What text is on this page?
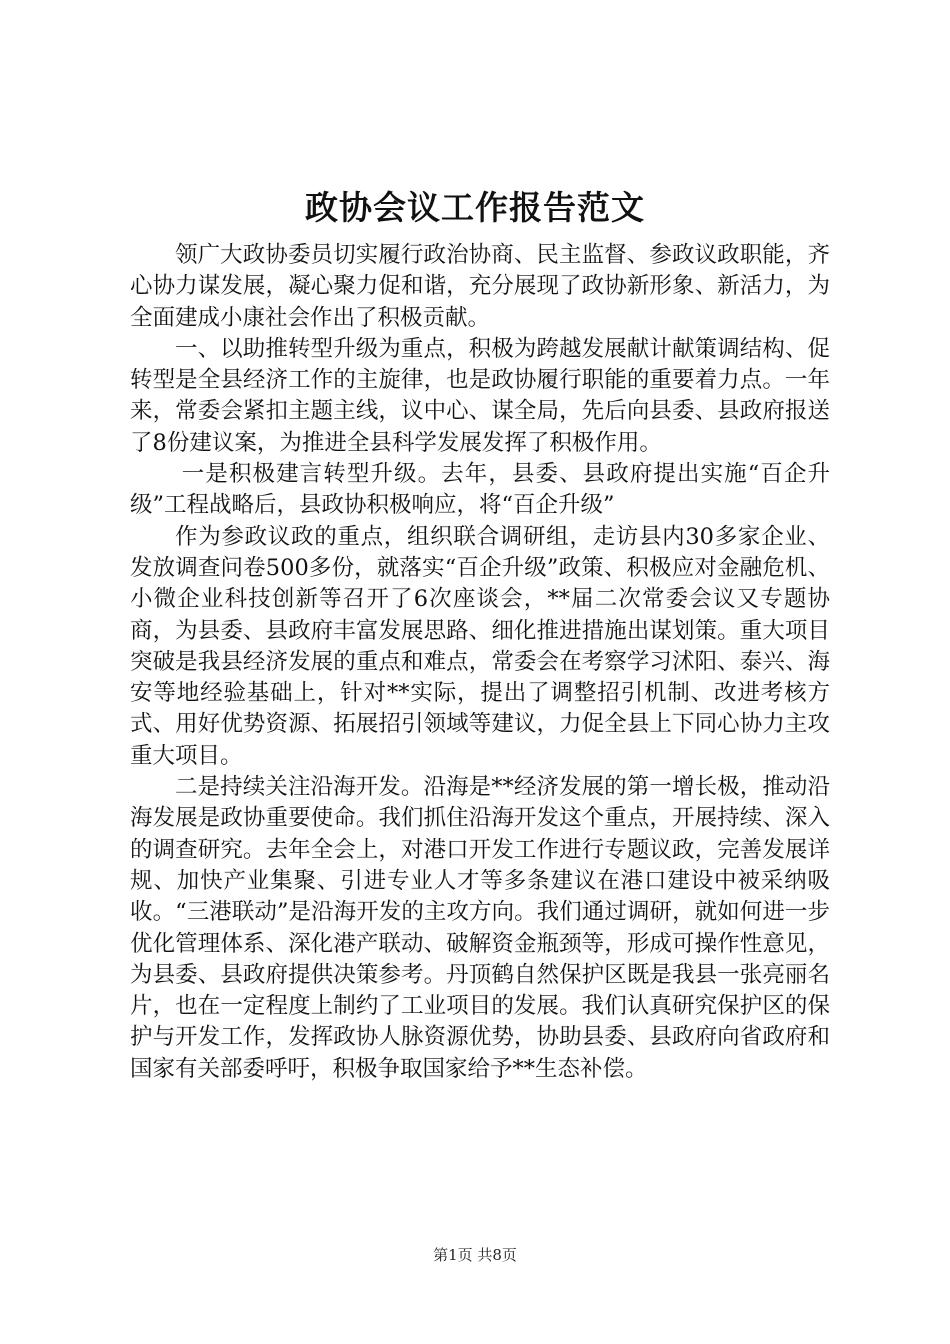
政协会议工作报告范文

领广大政协委员切实履行政治协商、民主监督、参政议政职能，齐心协力谋发展，凝心聚力促和谐，充分展现了政协新形象、新活力，为全面建成小康社会作出了积极贡献。

一、以助推转型升级为重点，积极为跨越发展献计献策调结构、促转型是全县经济工作的主旋律，也是政协履行职能的重要着力点。一年来，常委会紧扣主题主线，议中心、谋全局，先后向县委、县政府报送了8份建议案，为推进全县科学发展发挥了积极作用。

一是积极建言转型升级。去年，县委、县政府提出实施“百企升级”工程战略后，县政协积极响应，将“百企升级”

作为参政议政的重点，组织联合调研组，走访县内30多家企业、发放调查问卷500多份，就落实“百企升级”政策、积极应对金融危机、小微企业科技创新等召开了6次座谈会，**届二次常委会议又专题协商，为县委、县政府丰富发展思路、细化推进措施出谋划策。重大项目突破是我县经济发展的重点和难点，常委会在考察学习沭阳、泰兴、海安等地经验基础上，针对**实际，提出了调整招引机制、改进考核方式、用好优势资源、拓展招引领域等建议，力促全县上下同心协力主攻重大项目。

二是持续关注沿海开发。沿海是**经济发展的第一增长极，推动沿海发展是政协重要使命。我们抓住沿海开发这个重点，开展持续、深入的调查研究。去年全会上，对港口开发工作进行专题议政，完善发展详规、加快产业集聚、引进专业人才等多条建议在港口建设中被采纳吸收。“三港联动”是沿海开发的主攻方向。我们通过调研，就如何进一步优化管理体系、深化港产联动、破解资金瓶颈等，形成可操作性意见，为县委、县政府提供决策参考。丹顶鹤自然保护区既是我县一张亮丽名片，也在一定程度上制约了工业项目的发展。我们认真研究保护区的保护与开发工作，发挥政协人脉资源优势，协助县委、县政府向省政府和国家有关部委呼吁，积极争取国家给予**生态补偿。

第1页 共8页
